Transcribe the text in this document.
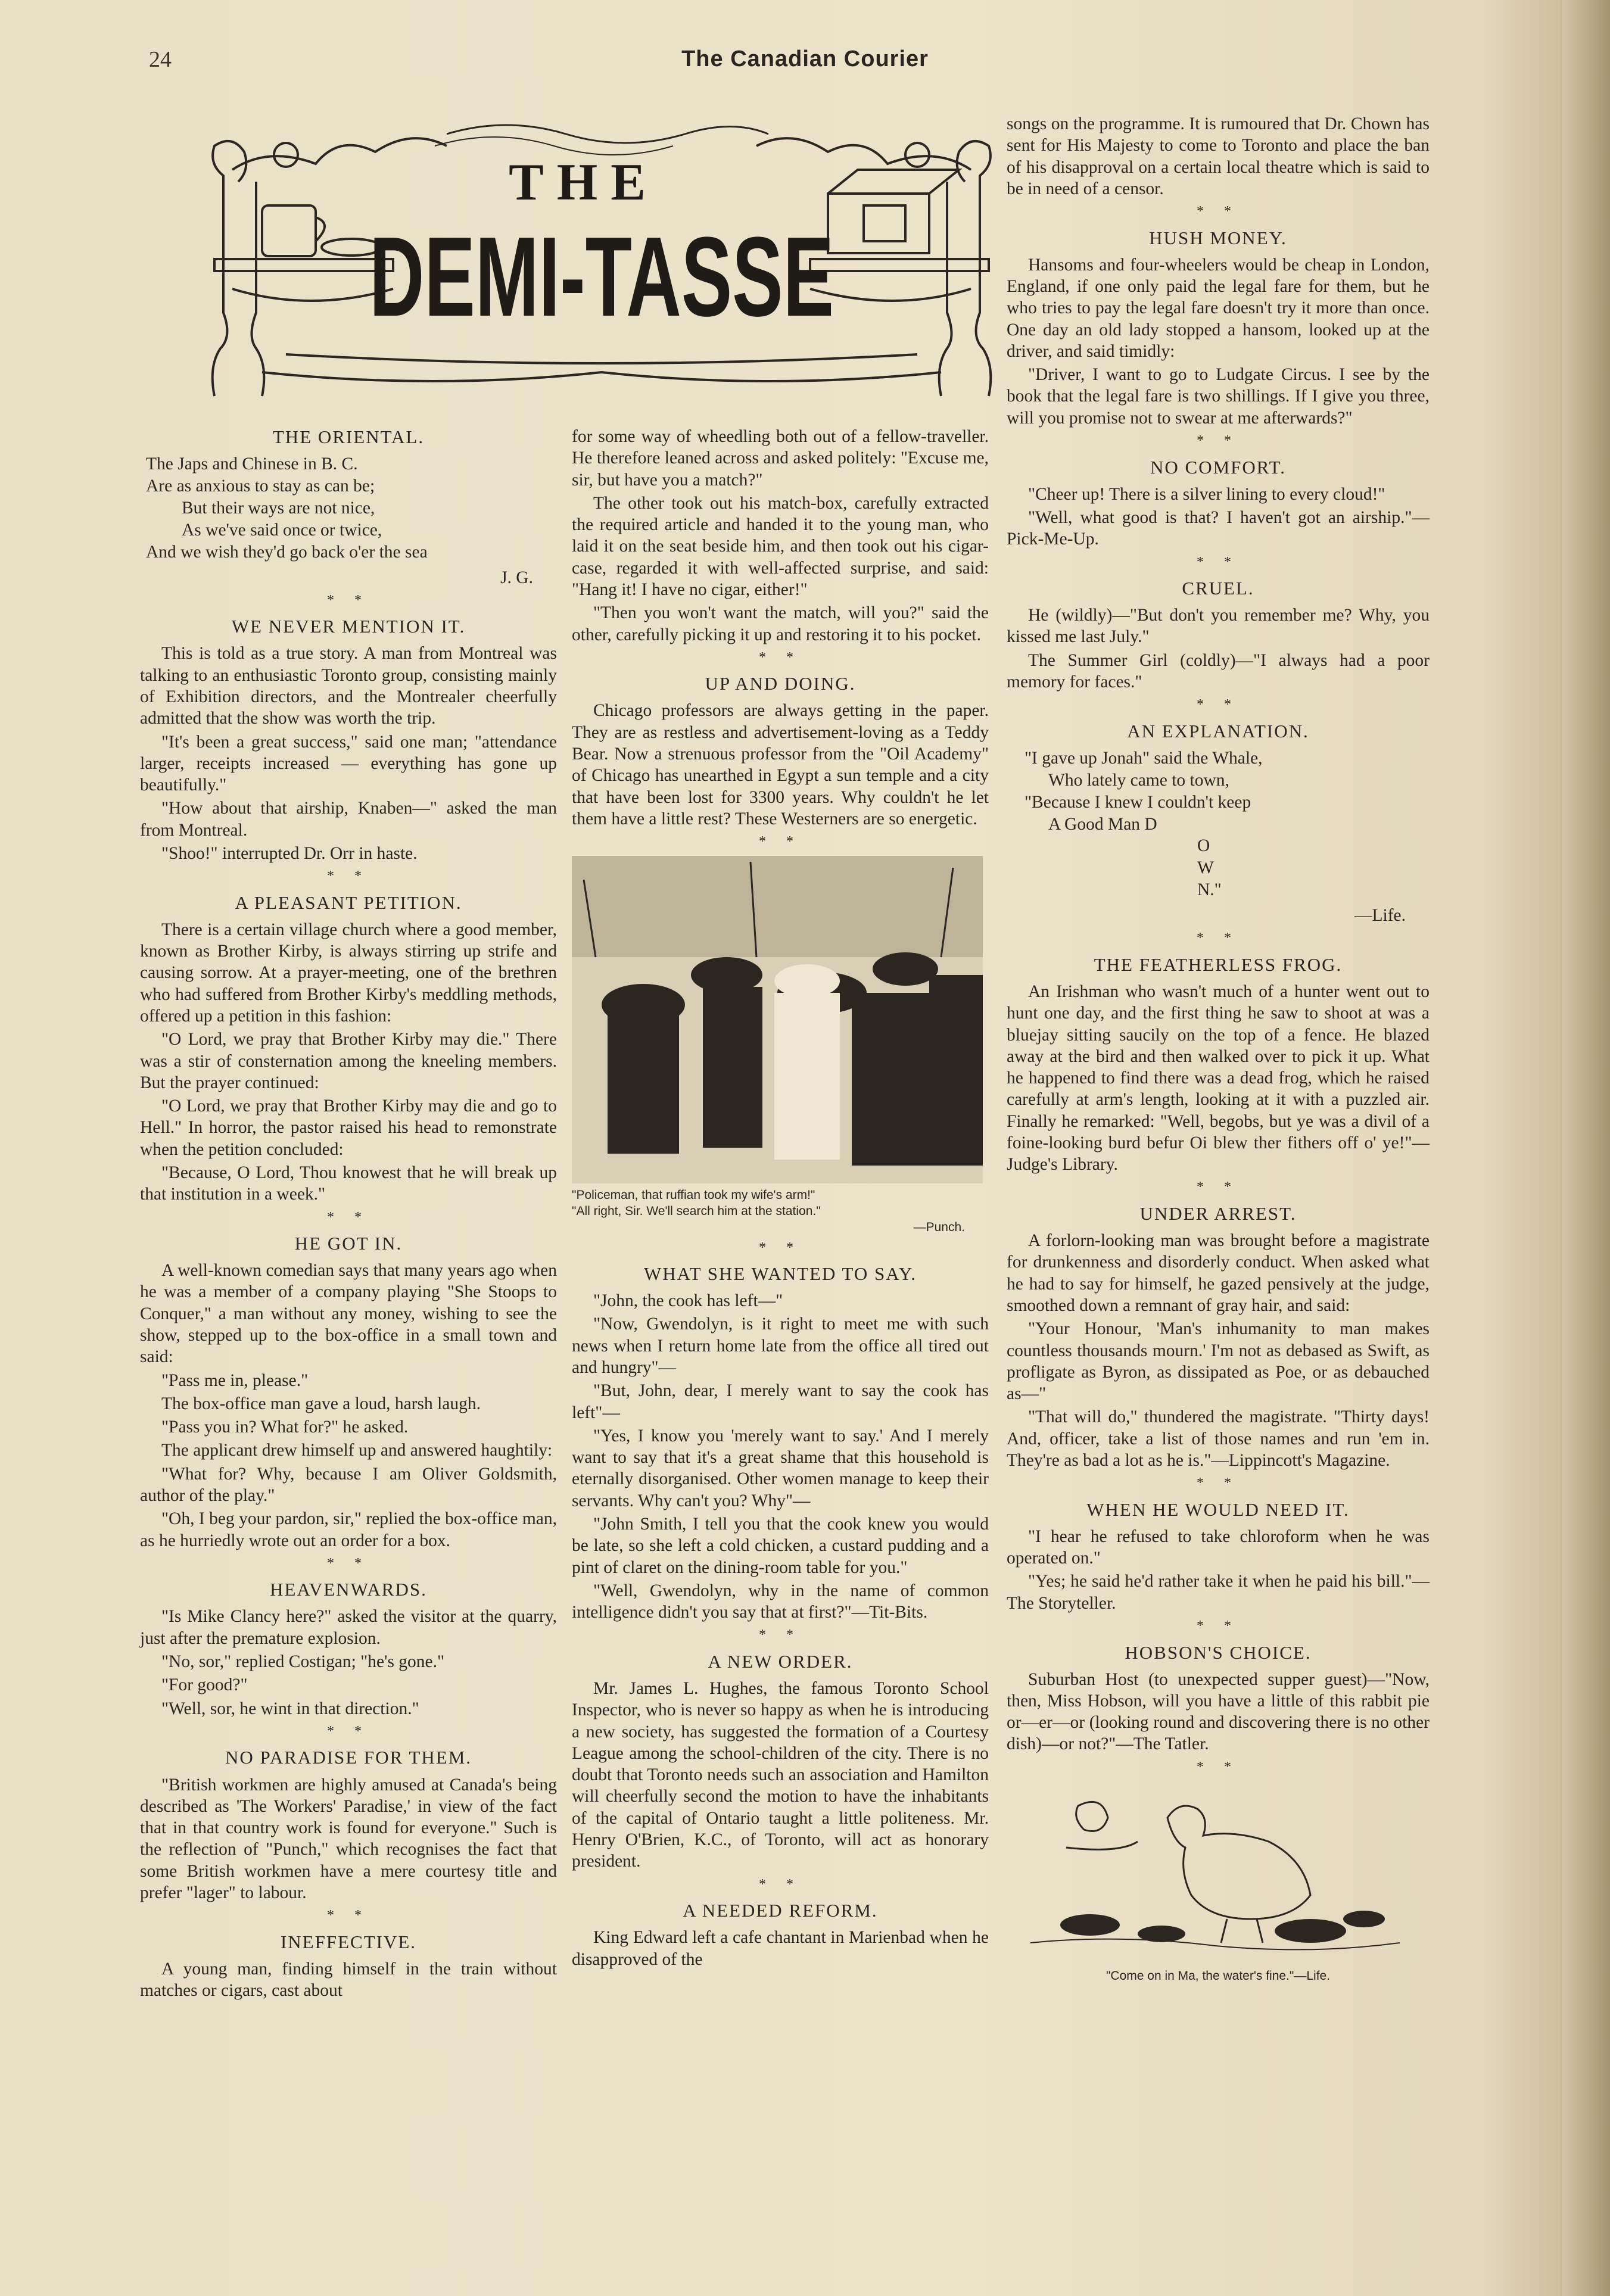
24	The Canadian Courier
THE
DEMI-TASSE
THE ORIENTAL.
The Japs and Chinese in B. C.
Are as anxious to stay as can be;
But their ways are not nice,
As we've said once or twice,
And we wish they'd go back o'er the sea
J. G.
* *
WE NEVER MENTION IT.

This is told as a true story. A man from Montreal was talking to an enthusiastic Toronto group, consisting mainly of Exhibition directors, and the Montrealer cheerfully admitted that the show was worth the trip.

"It's been a great success," said one man; "attendance larger, receipts increased — everything has gone up beautifully."

"How about that airship, Knaben—" asked the man from Montreal.

"Shoo!" interrupted Dr. Orr in haste.

* *
A PLEASANT PETITION.

There is a certain village church where a good member, known as Brother Kirby, is always stirring up strife and causing sorrow. At a prayer-meeting, one of the brethren who had suffered from Brother Kirby's meddling methods, offered up a petition in this fashion:

"O Lord, we pray that Brother Kirby may die." There was a stir of consternation among the kneeling members. But the prayer continued:

"O Lord, we pray that Brother Kirby may die and go to Hell." In horror, the pastor raised his head to remonstrate when the petition concluded:

"Because, O Lord, Thou knowest that he will break up that institution in a week."

* *
HE GOT IN.

A well-known comedian says that many years ago when he was a member of a company playing "She Stoops to Conquer," a man without any money, wishing to see the show, stepped up to the box-office in a small town and said:

"Pass me in, please."

The box-office man gave a loud, harsh laugh.

"Pass you in? What for?" he asked.

The applicant drew himself up and answered haughtily:

"What for? Why, because I am Oliver Goldsmith, author of the play."

"Oh, I beg your pardon, sir," replied the box-office man, as he hurriedly wrote out an order for a box.

* *
HEAVENWARDS.

"Is Mike Clancy here?" asked the visitor at the quarry, just after the premature explosion.

"No, sor," replied Costigan; "he's gone."

"For good?"

"Well, sor, he wint in that direction."

* *
NO PARADISE FOR THEM.

"British workmen are highly amused at Canada's being described as 'The Workers' Paradise,' in view of the fact that in that country work is found for everyone." Such is the reflection of "Punch," which recognises the fact that some British workmen have a mere courtesy title and prefer "lager" to labour.

* *
INEFFECTIVE.

A young man, finding himself in the train without matches or cigars, cast about

for some way of wheedling both out of a fellow-traveller. He therefore leaned across and asked politely: "Excuse me, sir, but have you a match?"

The other took out his match-box, carefully extracted the required article and handed it to the young man, who laid it on the seat beside him, and then took out his cigar-case, regarded it with well-affected surprise, and said: "Hang it! I have no cigar, either!"

"Then you won't want the match, will you?" said the other, carefully picking it up and restoring it to his pocket.

* *
UP AND DOING.

Chicago professors are always getting in the paper. They are as restless and advertisement-loving as a Teddy Bear. Now a strenuous professor from the "Oil Academy" of Chicago has unearthed in Egypt a sun temple and a city that have been lost for 3300 years. Why couldn't he let them have a little rest? These Westerners are so energetic.

* *
"Policeman, that ruffian took my wife's arm!"
"All right, Sir. We'll search him at the station."
—Punch.
* *
WHAT SHE WANTED TO SAY.

"John, the cook has left—"

"Now, Gwendolyn, is it right to meet me with such news when I return home late from the office all tired out and hungry"—

"But, John, dear, I merely want to say the cook has left"—

"Yes, I know you 'merely want to say.' And I merely want to say that it's a great shame that this household is eternally disorganised. Other women manage to keep their servants. Why can't you? Why"—

"John Smith, I tell you that the cook knew you would be late, so she left a cold chicken, a custard pudding and a pint of claret on the dining-room table for you."

"Well, Gwendolyn, why in the name of common intelligence didn't you say that at first?"—Tit-Bits.

* *
A NEW ORDER.

Mr. James L. Hughes, the famous Toronto School Inspector, who is never so happy as when he is introducing a new society, has suggested the formation of a Courtesy League among the school-children of the city. There is no doubt that Toronto needs such an association and Hamilton will cheerfully second the motion to have the inhabitants of the capital of Ontario taught a little politeness. Mr. Henry O'Brien, K.C., of Toronto, will act as honorary president.

* *
A NEEDED REFORM.

King Edward left a cafe chantant in Marienbad when he disapproved of the

songs on the programme. It is rumoured that Dr. Chown has sent for His Majesty to come to Toronto and place the ban of his disapproval on a certain local theatre which is said to be in need of a censor.

* *
HUSH MONEY.

Hansoms and four-wheelers would be cheap in London, England, if one only paid the legal fare for them, but he who tries to pay the legal fare doesn't try it more than once. One day an old lady stopped a hansom, looked up at the driver, and said timidly:

"Driver, I want to go to Ludgate Circus. I see by the book that the legal fare is two shillings. If I give you three, will you promise not to swear at me afterwards?"

* *
NO COMFORT.

"Cheer up! There is a silver lining to every cloud!"

"Well, what good is that? I haven't got an airship."—Pick-Me-Up.

* *
CRUEL.

He (wildly)—"But don't you remember me? Why, you kissed me last July."

The Summer Girl (coldly)—"I always had a poor memory for faces."

* *
AN EXPLANATION.
"I gave up Jonah" said the Whale,
Who lately came to town,
"Because I knew I couldn't keep
A Good Man D
O
W
N."
—Life.
* *
THE FEATHERLESS FROG.

An Irishman who wasn't much of a hunter went out to hunt one day, and the first thing he saw to shoot at was a bluejay sitting saucily on the top of a fence. He blazed away at the bird and then walked over to pick it up. What he happened to find there was a dead frog, which he raised carefully at arm's length, looking at it with a puzzled air. Finally he remarked: "Well, begobs, but ye was a divil of a foine-looking burd befur Oi blew ther fithers off o' ye!"—Judge's Library.

* *
UNDER ARREST.

A forlorn-looking man was brought before a magistrate for drunkenness and disorderly conduct. When asked what he had to say for himself, he gazed pensively at the judge, smoothed down a remnant of gray hair, and said:

"Your Honour, 'Man's inhumanity to man makes countless thousands mourn.' I'm not as debased as Swift, as profligate as Byron, as dissipated as Poe, or as debauched as—"

"That will do," thundered the magistrate. "Thirty days! And, officer, take a list of those names and run 'em in. They're as bad a lot as he is."—Lippincott's Magazine.

* *
WHEN HE WOULD NEED IT.

"I hear he refused to take chloroform when he was operated on."

"Yes; he said he'd rather take it when he paid his bill."—The Storyteller.

* *
HOBSON'S CHOICE.

Suburban Host (to unexpected supper guest)—"Now, then, Miss Hobson, will you have a little of this rabbit pie or—er—or (looking round and discovering there is no other dish)—or not?"—The Tatler.

* *
"Come on in Ma, the water's fine."—Life.
